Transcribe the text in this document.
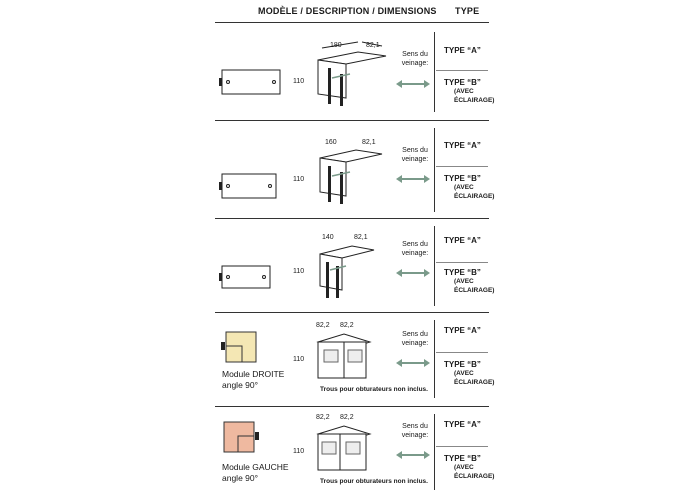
MODÈLE / DESCRIPTION / DIMENSIONS TYPE
TYPE “A”
TYPE “B”
(AVEC
ÉCLAIRAGE)
Sens du
veinage:
110
180	82,1
TYPE “A”
TYPE “B”
(AVEC
ÉCLAIRAGE)
Sens du
veinage:
110
160	82,1
TYPE “A”
TYPE “B”
(AVEC
ÉCLAIRAGE)
Sens du
veinage:
110
140	82,1
TYPE “A”
TYPE “B”
(AVEC
ÉCLAIRAGE)
Sens du
veinage:
110
Module DROITE
angle 90°
82,2 82,2
Trous pour obturateurs non inclus.
TYPE “A”
TYPE “B”
(AVEC
ÉCLAIRAGE)
Sens du
veinage:
110
Module GAUCHE
angle 90°
82,2 82,2
Trous pour obturateurs non inclus.
